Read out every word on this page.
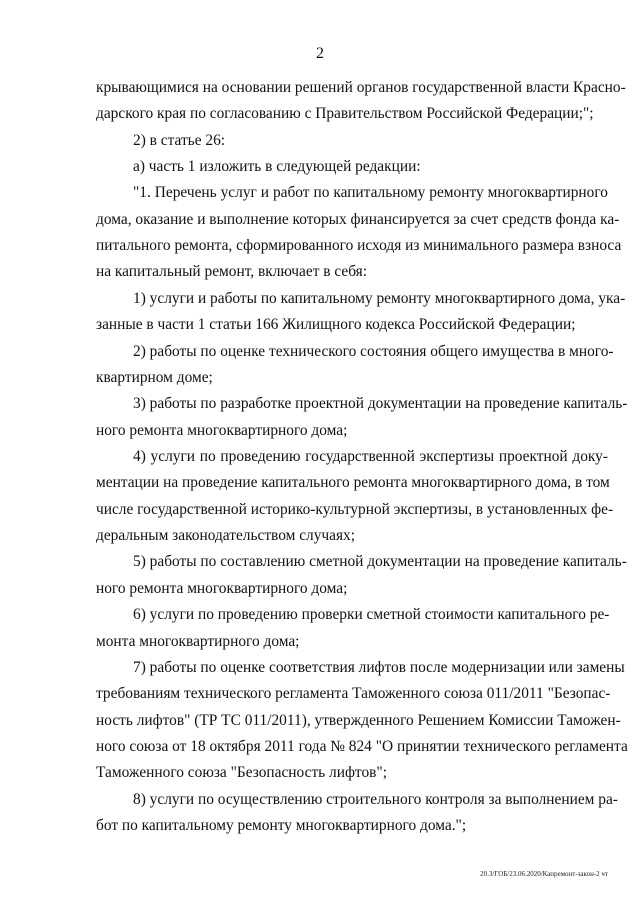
2
крывающимися на основании решений органов государственной власти Красно-
дарского края по согласованию с Правительством Российской Федерации;";
2) в статье 26:
а) часть 1 изложить в следующей редакции:
"1. Перечень услуг и работ по капитальному ремонту многоквартирного
дома, оказание и выполнение которых финансируется за счет средств фонда ка-
питального ремонта, сформированного исходя из минимального размера взноса
на капитальный ремонт, включает в себя:
1) услуги и работы по капитальному ремонту многоквартирного дома, ука-
занные в части 1 статьи 166 Жилищного кодекса Российской Федерации;
2) работы по оценке технического состояния общего имущества в много-
квартирном доме;
3) работы по разработке проектной документации на проведение капиталь-
ного ремонта многоквартирного дома;
4) услуги по проведению государственной экспертизы проектной доку-
ментации на проведение капитального ремонта многоквартирного дома, в том
числе государственной историко-культурной экспертизы, в установленных фе-
деральным законодательством случаях;
5) работы по составлению сметной документации на проведение капиталь-
ного ремонта многоквартирного дома;
6) услуги по проведению проверки сметной стоимости капитального ре-
монта многоквартирного дома;
7) работы по оценке соответствия лифтов после модернизации или замены
требованиям технического регламента Таможенного союза 011/2011 "Безопас-
ность лифтов" (ТР ТС 011/2011), утвержденного Решением Комиссии Таможен-
ного союза от 18 октября 2011 года № 824 "О принятии технического регламента
Таможенного союза "Безопасность лифтов";
8) услуги по осуществлению строительного контроля за выполнением ра-
бот по капитальному ремонту многоквартирного дома.";
20.3/ГОБ/23.06.2020/Капремонт-закон-2 чт
